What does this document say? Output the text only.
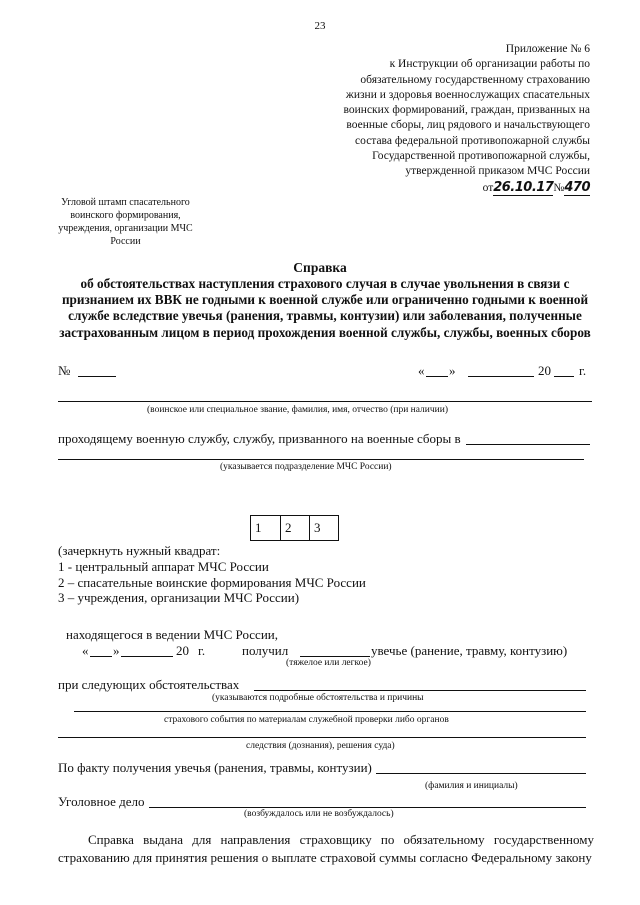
23
Приложение № 6
к Инструкции об организации работы по
обязательному государственному страхованию
жизни и здоровья военнослужащих спасательных
воинских формирований, граждан, призванных на
военные сборы, лиц рядового и начальствующего
состава федеральной противопожарной службы
Государственной противопожарной службы,
утвержденной приказом МЧС России
от26.10.17№470
Угловой штамп спасательного воинского формирования, учреждения, организации МЧС России
Справка
об обстоятельствах наступления страхового случая в случае увольнения в связи с признанием их ВВК не годными к военной службе или ограниченно годными к военной службе вследствие увечья (ранения, травмы, контузии) или заболевания, полученные застрахованным лицом в период прохождения военной службы, службы, военных сборов
№	« »	20 г.
(воинское или специальное звание, фамилия, имя, отчество (при наличии)
проходящему военную службу, службу, призванного на военные сборы в
(указывается подразделение МЧС России)
1	2	3
(зачеркнуть нужный квадрат:
1 - центральный аппарат МЧС России
2 – спасательные воинские формирования МЧС России
3 – учреждения, организации МЧС России)
находящегося в ведении МЧС России,
« »	20 г.	получил	увечье (ранение, травму, контузию)
(тяжелое или легкое)
при следующих обстоятельствах
(указываются подробные обстоятельства и причины
страхового события по материалам служебной проверки либо органов
следствия (дознания), решения суда)
По факту получения увечья (ранения, травмы, контузии)
(фамилия и инициалы)
Уголовное дело
(возбуждалось или не возбуждалось)
Справка выдана для направления страховщику по обязательному государственному страхованию для принятия решения о выплате страховой суммы согласно Федеральному закону
